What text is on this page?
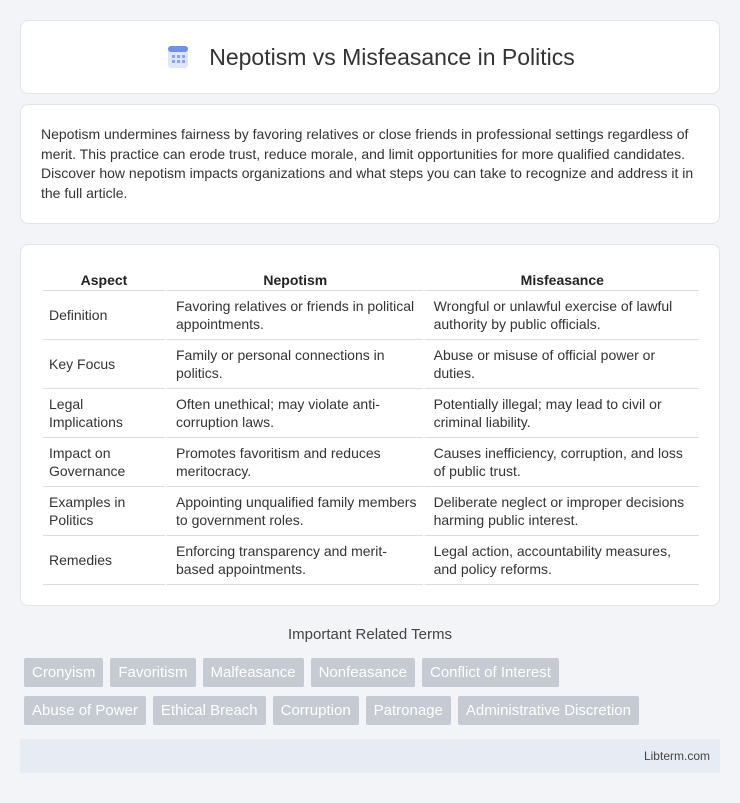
Nepotism vs Misfeasance in Politics

Nepotism undermines fairness by favoring relatives or close friends in professional settings regardless of merit. This practice can erode trust, reduce morale, and limit opportunities for more qualified candidates. Discover how nepotism impacts organizations and what steps you can take to recognize and address it in the full article.

Aspect	Nepotism	Misfeasance
Definition	Favoring relatives or friends in political appointments.	Wrongful or unlawful exercise of lawful authority by public officials.
Key Focus	Family or personal connections in politics.	Abuse or misuse of official power or duties.
Legal Implications	Often unethical; may violate anti-corruption laws.	Potentially illegal; may lead to civil or criminal liability.
Impact on Governance	Promotes favoritism and reduces meritocracy.	Causes inefficiency, corruption, and loss of public trust.
Examples in Politics	Appointing unqualified family members to government roles.	Deliberate neglect or improper decisions harming public interest.
Remedies	Enforcing transparency and merit-based appointments.	Legal action, accountability measures, and policy reforms.
Important Related Terms
Cronyism	Favoritism	Malfeasance	Nonfeasance	Conflict of Interest
Abuse of Power	Ethical Breach	Corruption	Patronage	Administrative Discretion
Libterm.com
